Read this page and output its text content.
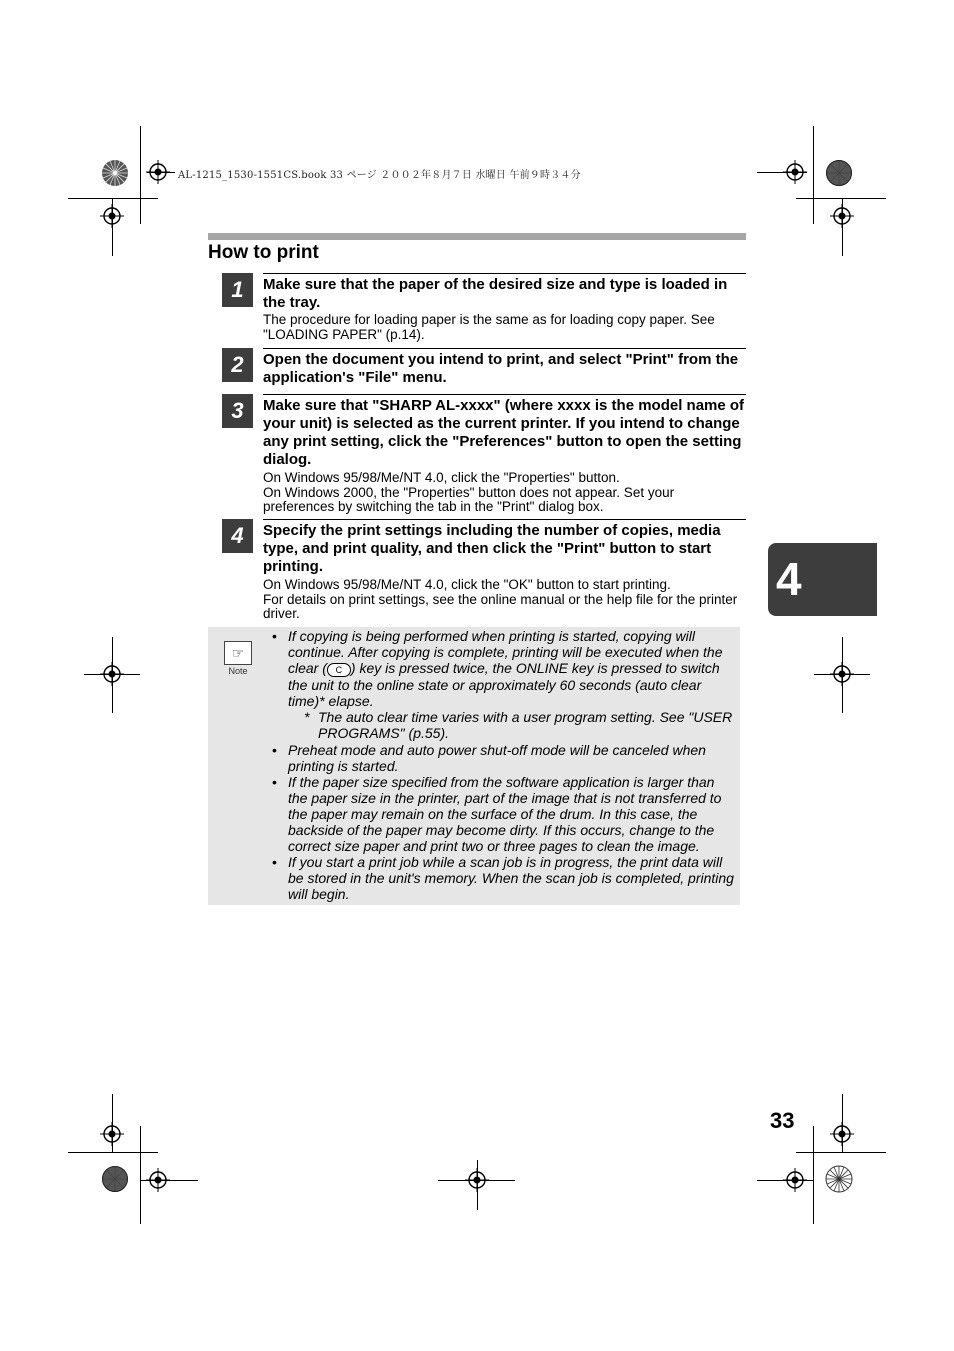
AL-1215_1530-1551CS.book 33 ページ ２００２年８月７日 水曜日 午前９時３４分
How to print
1	Make sure that the paper of the desired size and type is loaded in the tray.

The procedure for loading paper is the same as for loading copy paper. See "LOADING PAPER" (p.14).

2	Open the document you intend to print, and select "Print" from the application's "File" menu.
3	Make sure that "SHARP AL-xxxx" (where xxxx is the model name of your unit) is selected as the current printer. If you intend to change any print setting, click the "Preferences" button to open the setting dialog.

On Windows 95/98/Me/NT 4.0, click the "Properties" button.

On Windows 2000, the "Properties" button does not appear. Set your preferences by switching the tab in the "Print" dialog box.

4	Specify the print settings including the number of copies, media type, and print quality, and then click the "Print" button to start printing.

On Windows 95/98/Me/NT 4.0, click the "OK" button to start printing.

For details on print settings, see the online manual or the help file for the printer driver.

☞
Note
• If copying is being performed when printing is started, copying will continue. After copying is complete, printing will be executed when the clear ( C ) key is pressed twice, the ONLINE key is pressed to switch the unit to the online state or approximately 60 seconds (auto clear time)* elapse.
* The auto clear time varies with a user program setting. See "USER PROGRAMS" (p.55).
• Preheat mode and auto power shut-off mode will be canceled when printing is started.
• If the paper size specified from the software application is larger than the paper size in the printer, part of the image that is not transferred to the paper may remain on the surface of the drum. In this case, the backside of the paper may become dirty. If this occurs, change to the correct size paper and print two or three pages to clean the image.
• If you start a print job while a scan job is in progress, the print data will be stored in the unit's memory. When the scan job is completed, printing will begin.
4
33
